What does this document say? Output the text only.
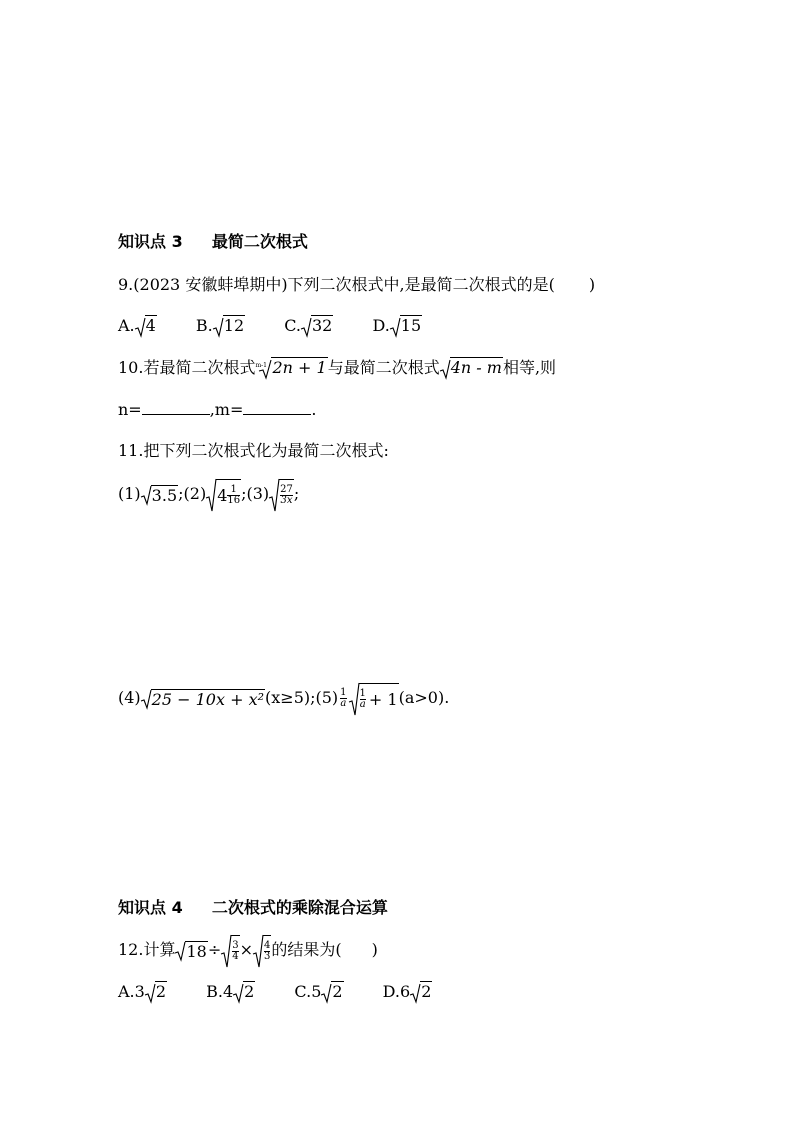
知识点 3 最简二次根式
9.(2023 安徽蚌埠期中)下列二次根式中,是最简二次根式的是( )
A. 4	B. 12	C. 32	D. 15
10.若最简二次根式 m-1 2n + 1与最简二次根式 4n - m相等,则
n=	,m=	.
11.把下列二次根式化为最简二次根式:
(1) 3.5;(2) $4 \frac{1}{16}$ ;(3) $\frac{27}{3x}$ ;
(4) 25 − 10x + x²(x≥5);(5) $\frac{1}{a} \frac{1}{a} + 1$ (a>0).
知识点 4 二次根式的乘除混合运算
12.计算 $18\div \frac{3}{4} \times \frac{4}{3}$ 的结果为( )
A.3 2	B.4 2	C.5 2	D.6 2
